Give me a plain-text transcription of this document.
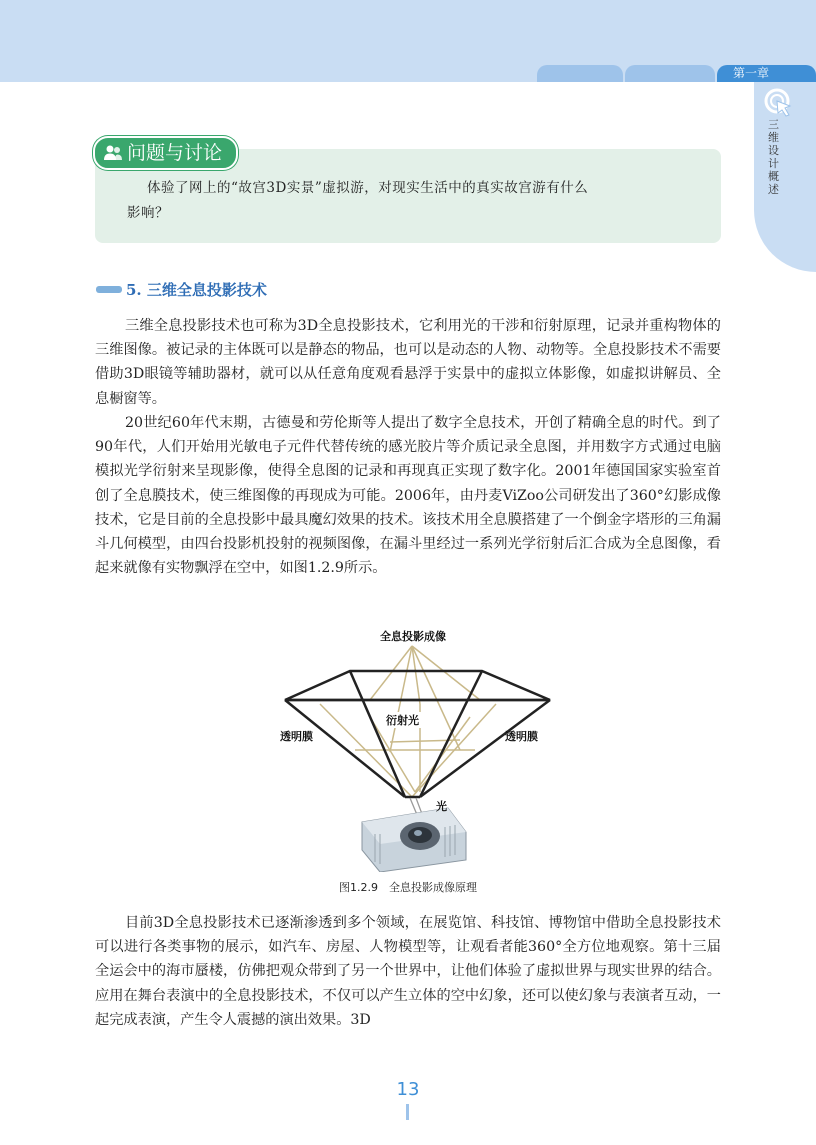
第一章
三维设计概述
问题与讨论
体验了网上的“故宫3D实景”虚拟游，对现实生活中的真实故宫游有什么
影响？
5. 三维全息投影技术

三维全息投影技术也可称为3D全息投影技术，它利用光的干涉和衍射原理，记录并重构物体的三维图像。被记录的主体既可以是静态的物品，也可以是动态的人物、动物等。全息投影技术不需要借助3D眼镜等辅助器材，就可以从任意角度观看悬浮于实景中的虚拟立体影像，如虚拟讲解员、全息橱窗等。

20世纪60年代末期，古德曼和劳伦斯等人提出了数字全息技术，开创了精确全息的时代。到了90年代，人们开始用光敏电子元件代替传统的感光胶片等介质记录全息图，并用数字方式通过电脑模拟光学衍射来呈现影像，使得全息图的记录和再现真正实现了数字化。2001年德国国家实验室首创了全息膜技术，使三维图像的再现成为可能。2006年，由丹麦ViZoo公司研发出了360°幻影成像技术，它是目前的全息投影中最具魔幻效果的技术。该技术用全息膜搭建了一个倒金字塔形的三角漏斗几何模型，由四台投影机投射的视频图像，在漏斗里经过一系列光学衍射后汇合成为全息图像，看起来就像有实物飘浮在空中，如图1.2.9所示。

全息投影成像
衍射光
透明膜	透明膜
光
图1.2.9　全息投影成像原理

目前3D全息投影技术已逐渐渗透到多个领域，在展览馆、科技馆、博物馆中借助全息投影技术可以进行各类事物的展示，如汽车、房屋、人物模型等，让观看者能360°全方位地观察。第十三届全运会中的海市蜃楼，仿佛把观众带到了另一个世界中，让他们体验了虚拟世界与现实世界的结合。应用在舞台表演中的全息投影技术，不仅可以产生立体的空中幻象，还可以使幻象与表演者互动，一起完成表演，产生令人震撼的演出效果。3D

13
